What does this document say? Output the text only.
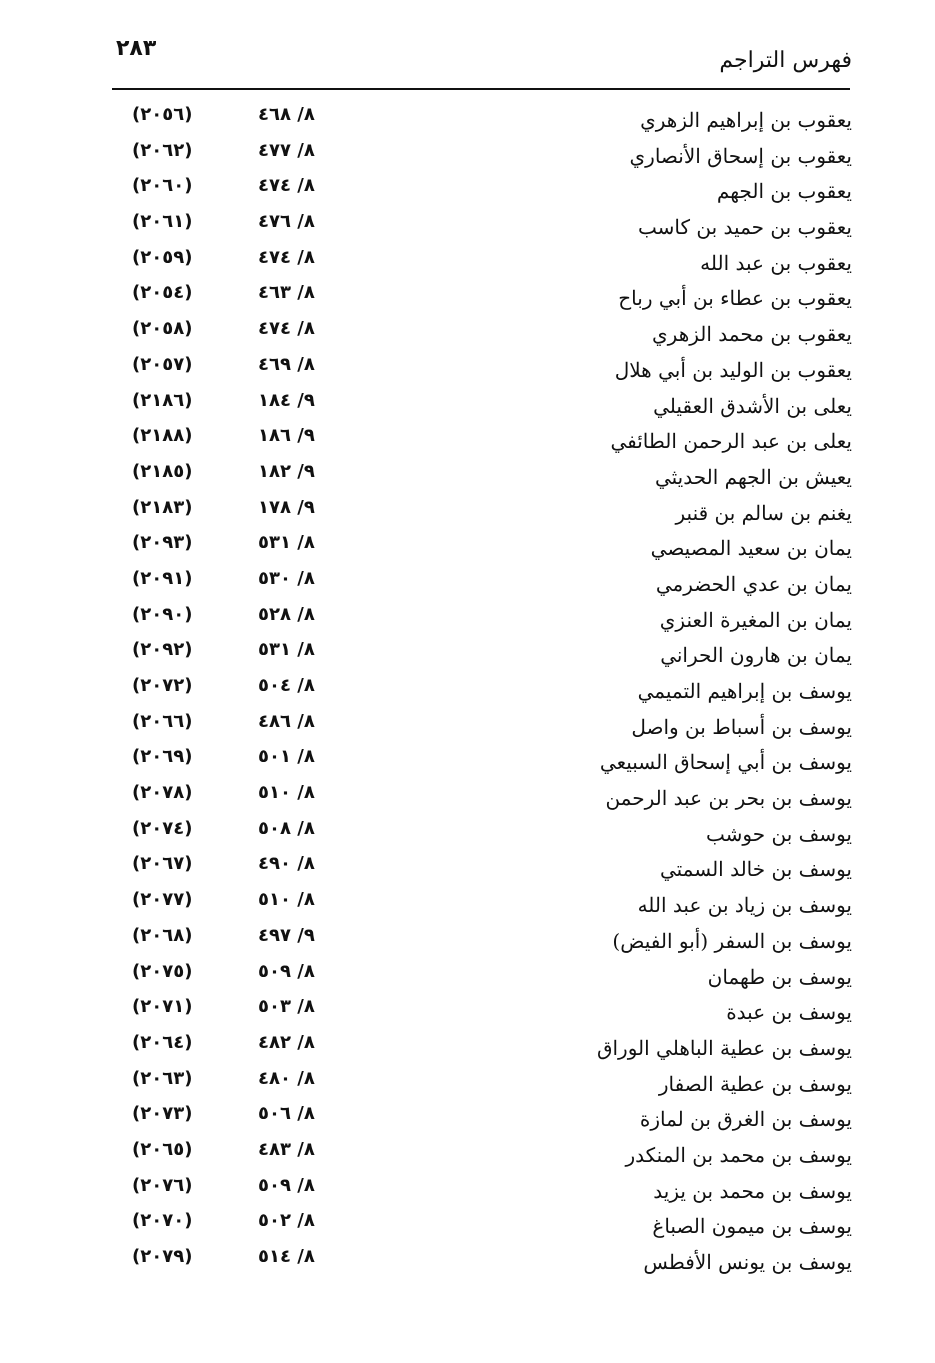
٢٨٣	فهرس التراجم
يعقوب بن إبراهيم الزهري
٨/ ٤٦٨
(٢٠٥٦)
يعقوب بن إسحاق الأنصاري
٨/ ٤٧٧
(٢٠٦٢)
يعقوب بن الجهم
٨/ ٤٧٤
(٢٠٦٠)
يعقوب بن حميد بن كاسب
٨/ ٤٧٦
(٢٠٦١)
يعقوب بن عبد الله
٨/ ٤٧٤
(٢٠٥٩)
يعقوب بن عطاء بن أبي رباح
٨/ ٤٦٣
(٢٠٥٤)
يعقوب بن محمد الزهري
٨/ ٤٧٤
(٢٠٥٨)
يعقوب بن الوليد بن أبي هلال
٨/ ٤٦٩
(٢٠٥٧)
يعلى بن الأشدق العقيلي
٩/ ١٨٤
(٢١٨٦)
يعلى بن عبد الرحمن الطائفي
٩/ ١٨٦
(٢١٨٨)
يعيش بن الجهم الحديثي
٩/ ١٨٢
(٢١٨٥)
يغنم بن سالم بن قنبر
٩/ ١٧٨
(٢١٨٣)
يمان بن سعيد المصيصي
٨/ ٥٣١
(٢٠٩٣)
يمان بن عدي الحضرمي
٨/ ٥٣٠
(٢٠٩١)
يمان بن المغيرة العنزي
٨/ ٥٢٨
(٢٠٩٠)
يمان بن هارون الحراني
٨/ ٥٣١
(٢٠٩٢)
يوسف بن إبراهيم التميمي
٨/ ٥٠٤
(٢٠٧٢)
يوسف بن أسباط بن واصل
٨/ ٤٨٦
(٢٠٦٦)
يوسف بن أبي إسحاق السبيعي
٨/ ٥٠١
(٢٠٦٩)
يوسف بن بحر بن عبد الرحمن
٨/ ٥١٠
(٢٠٧٨)
يوسف بن حوشب
٨/ ٥٠٨
(٢٠٧٤)
يوسف بن خالد السمتي
٨/ ٤٩٠
(٢٠٦٧)
يوسف بن زياد بن عبد الله
٨/ ٥١٠
(٢٠٧٧)
يوسف بن السفر (أبو الفيض)
٩/ ٤٩٧
(٢٠٦٨)
يوسف بن طهمان
٨/ ٥٠٩
(٢٠٧٥)
يوسف بن عبدة
٨/ ٥٠٣
(٢٠٧١)
يوسف بن عطية الباهلي الوراق
٨/ ٤٨٢
(٢٠٦٤)
يوسف بن عطية الصفار
٨/ ٤٨٠
(٢٠٦٣)
يوسف بن الغرق بن لمازة
٨/ ٥٠٦
(٢٠٧٣)
يوسف بن محمد بن المنكدر
٨/ ٤٨٣
(٢٠٦٥)
يوسف بن محمد بن يزيد
٨/ ٥٠٩
(٢٠٧٦)
يوسف بن ميمون الصباغ
٨/ ٥٠٢
(٢٠٧٠)
يوسف بن يونس الأفطس
٨/ ٥١٤
(٢٠٧٩)
